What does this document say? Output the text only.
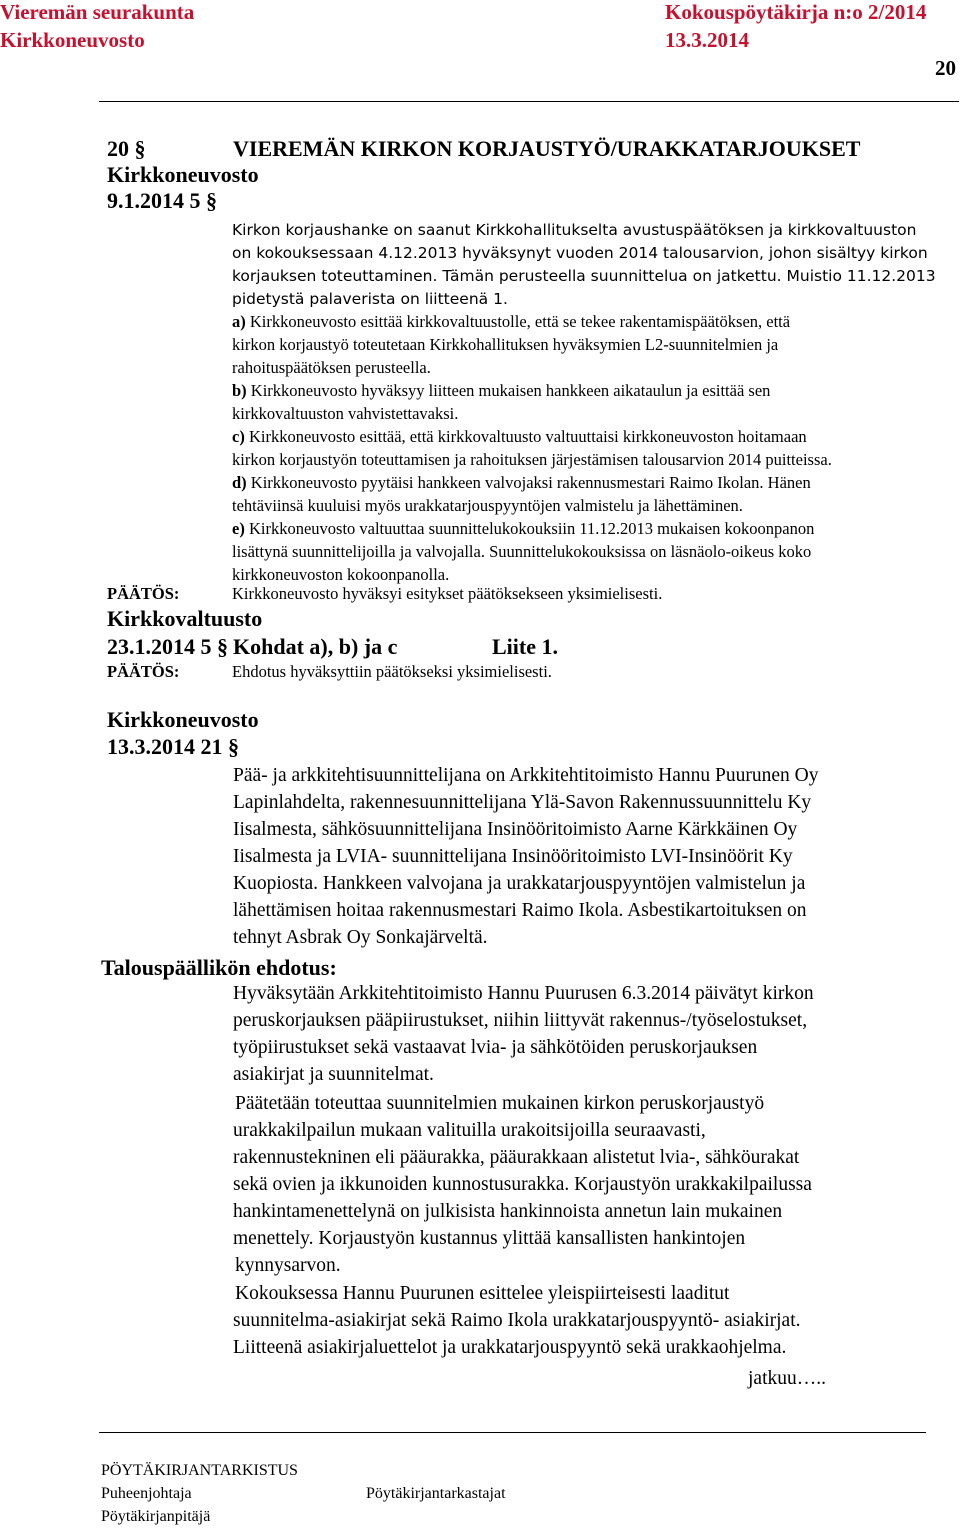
Vieremän seurakunta	Kokouspöytäkirja n:o 2/2014
Kirkkoneuvosto	13.3.2014
20
20 §	VIEREMÄN KIRKON KORJAUSTYÖ/URAKKATARJOUKSET
Kirkkoneuvosto
9.1.2014 5 §
Kirkon korjaushanke on saanut Kirkkohallitukselta avustuspäätöksen ja kirkkovaltuuston
on kokouksessaan 4.12.2013 hyväksynyt vuoden 2014 talousarvion, johon sisältyy kirkon
korjauksen toteuttaminen. Tämän perusteella suunnittelua on jatkettu. Muistio 11.12.2013
pidetystä palaverista on liitteenä 1.
a) Kirkkoneuvosto esittää kirkkovaltuustolle, että se tekee rakentamispäätöksen, että
kirkon korjaustyö toteutetaan Kirkkohallituksen hyväksymien L2-suunnitelmien ja
rahoituspäätöksen perusteella.
b) Kirkkoneuvosto hyväksyy liitteen mukaisen hankkeen aikataulun ja esittää sen
kirkkovaltuuston vahvistettavaksi.
c) Kirkkoneuvosto esittää, että kirkkovaltuusto valtuuttaisi kirkkoneuvoston hoitamaan
kirkon korjaustyön toteuttamisen ja rahoituksen järjestämisen talousarvion 2014 puitteissa.
d) Kirkkoneuvosto pyytäisi hankkeen valvojaksi rakennusmestari Raimo Ikolan. Hänen
tehtäviinsä kuuluisi myös urakkatarjouspyyntöjen valmistelu ja lähettäminen.
e) Kirkkoneuvosto valtuuttaa suunnittelukokouksiin 11.12.2013 mukaisen kokoonpanon
lisättynä suunnittelijoilla ja valvojalla. Suunnittelukokouksissa on läsnäolo-oikeus koko
kirkkoneuvoston kokoonpanolla.
PÄÄTÖS:	Kirkkoneuvosto hyväksyi esitykset päätöksekseen yksimielisesti.
Kirkkovaltuusto
23.1.2014 5 § Kohdat a), b) ja c	Liite 1.
PÄÄTÖS:	Ehdotus hyväksyttiin päätökseksi yksimielisesti.
Kirkkoneuvosto
13.3.2014 21 §
Pää- ja arkkitehtisuunnittelijana on Arkkitehtitoimisto Hannu Puurunen Oy
Lapinlahdelta, rakennesuunnittelijana Ylä-Savon Rakennussuunnittelu Ky
Iisalmesta, sähkösuunnittelijana Insinööritoimisto Aarne Kärkkäinen Oy
Iisalmesta ja LVIA- suunnittelijana Insinööritoimisto LVI-Insinöörit Ky
Kuopiosta. Hankkeen valvojana ja urakkatarjouspyyntöjen valmistelun ja
lähettämisen hoitaa rakennusmestari Raimo Ikola. Asbestikartoituksen on
tehnyt Asbrak Oy Sonkajärveltä.
Talouspäällikön ehdotus:
Hyväksytään Arkkitehtitoimisto Hannu Puurusen 6.3.2014 päivätyt kirkon
peruskorjauksen pääpiirustukset, niihin liittyvät rakennus-/työselostukset,
työpiirustukset sekä vastaavat lvia- ja sähkötöiden peruskorjauksen
asiakirjat ja suunnitelmat.
Päätetään toteuttaa suunnitelmien mukainen kirkon peruskorjaustyö
urakkakilpailun mukaan valituilla urakoitsijoilla seuraavasti,
rakennustekninen eli pääurakka, pääurakkaan alistetut lvia-, sähköurakat
sekä ovien ja ikkunoiden kunnostusurakka. Korjaustyön urakkakilpailussa
hankintamenettelynä on julkisista hankinnoista annetun lain mukainen
menettely. Korjaustyön kustannus ylittää kansallisten hankintojen
kynnysarvon.
Kokouksessa Hannu Puurunen esittelee yleispiirteisesti laaditut
suunnitelma-asiakirjat sekä Raimo Ikola urakkatarjouspyyntö- asiakirjat.
Liitteenä asiakirjaluettelot ja urakkatarjouspyyntö sekä urakkaohjelma.
jatkuu…..
PÖYTÄKIRJANTARKISTUS
Puheenjohtaja	Pöytäkirjantarkastajat
Pöytäkirjanpitäjä
